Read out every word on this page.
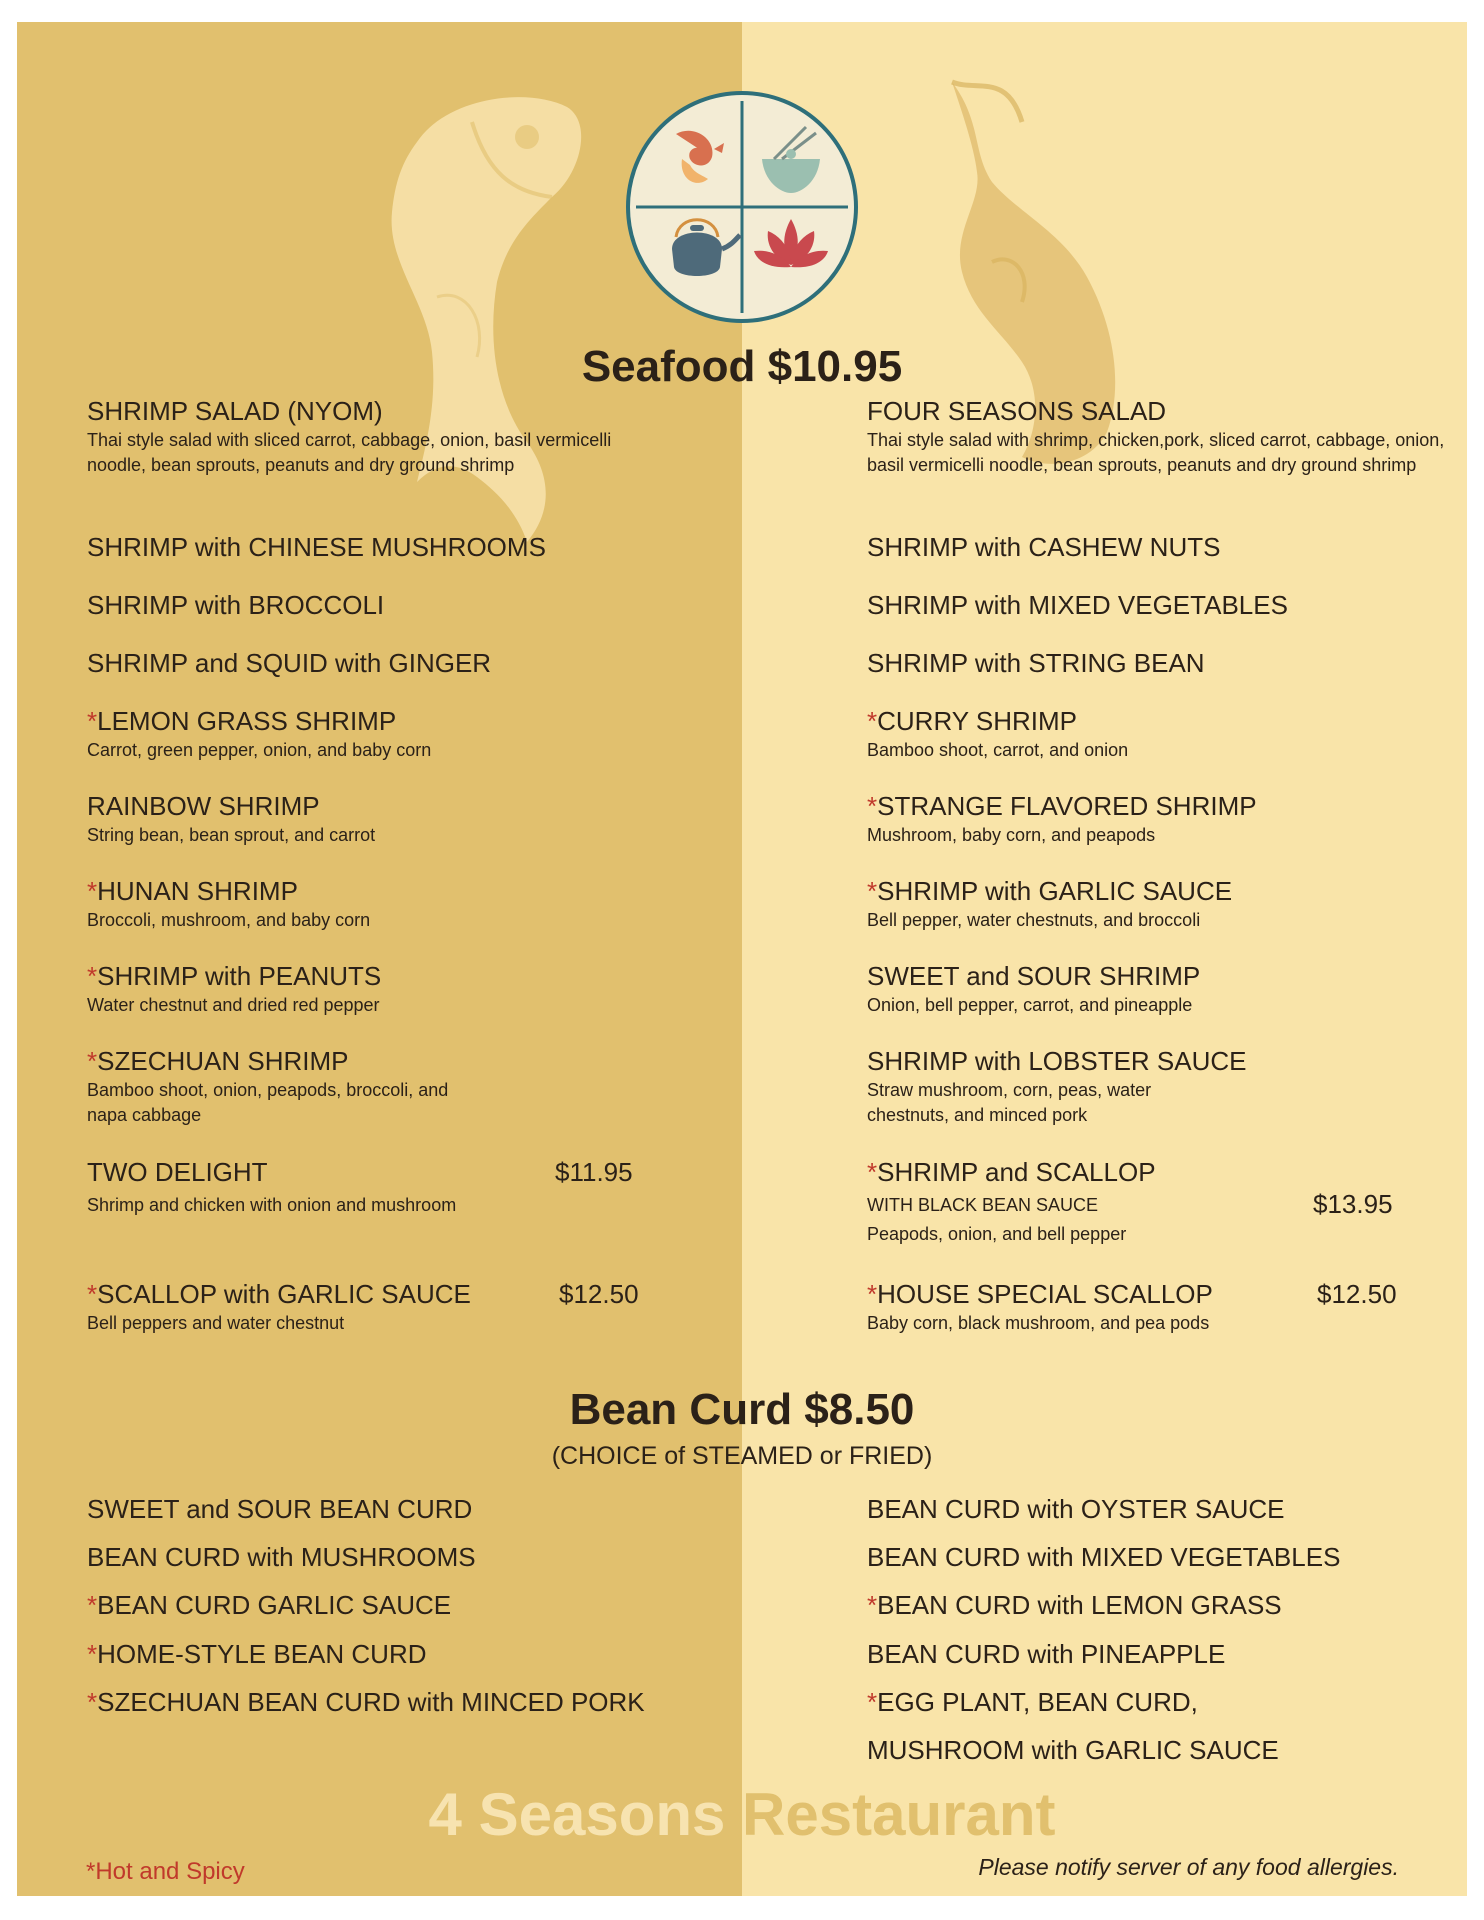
Seafood $10.95
SHRIMP SALAD (NYOM)
Thai style salad with sliced carrot, cabbage, onion, basil vermicelli noodle, bean sprouts, peanuts and dry ground shrimp
SHRIMP with CHINESE MUSHROOMS
SHRIMP with BROCCOLI
SHRIMP and SQUID with GINGER
*LEMON GRASS SHRIMP
Carrot, green pepper, onion, and baby corn
RAINBOW SHRIMP
String bean, bean sprout, and carrot
*HUNAN SHRIMP
Broccoli, mushroom, and baby corn
*SHRIMP with PEANUTS
Water chestnut and dried red pepper
*SZECHUAN SHRIMP
Bamboo shoot, onion, peapods, broccoli, and napa cabbage
TWO DELIGHT
Shrimp and chicken with onion and mushroom
$11.95
*SCALLOP with GARLIC SAUCE
Bell peppers and water chestnut
$12.50
FOUR SEASONS SALAD
Thai style salad with shrimp, chicken,pork, sliced carrot, cabbage, onion, basil vermicelli noodle, bean sprouts, peanuts and dry ground shrimp
SHRIMP with CASHEW NUTS
SHRIMP with MIXED VEGETABLES
SHRIMP with STRING BEAN
*CURRY SHRIMP
Bamboo shoot, carrot, and onion
*STRANGE FLAVORED SHRIMP
Mushroom, baby corn, and peapods
*SHRIMP with GARLIC SAUCE
Bell pepper, water chestnuts, and broccoli
SWEET and SOUR SHRIMP
Onion, bell pepper, carrot, and pineapple
SHRIMP with LOBSTER SAUCE
Straw mushroom, corn, peas, water chestnuts, and minced pork
*SHRIMP and SCALLOP
WITH BLACK BEAN SAUCE
Peapods, onion, and bell pepper
$13.95
*HOUSE SPECIAL SCALLOP
Baby corn, black mushroom, and pea pods
$12.50
Bean Curd $8.50
(CHOICE of STEAMED or FRIED)
SWEET and SOUR BEAN CURD
BEAN CURD with MUSHROOMS
*BEAN CURD GARLIC SAUCE
*HOME-STYLE BEAN CURD
*SZECHUAN BEAN CURD with MINCED PORK
BEAN CURD with OYSTER SAUCE
BEAN CURD with MIXED VEGETABLES
*BEAN CURD with LEMON GRASS
BEAN CURD with PINEAPPLE
*EGG PLANT, BEAN CURD,
MUSHROOM with GARLIC SAUCE
4 Seasons Restaurant
*Hot and Spicy	Please notify server of any food allergies.
